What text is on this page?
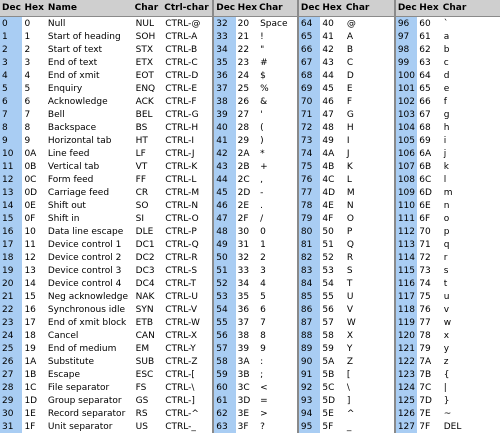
Dec	Hex	Name	Char	Ctrl-char	Dec	Hex	Char	Dec	Hex	Char	Dec	Hex	Char
0	0	Null	NUL	CTRL-@	32	20	Space	64	40	@	96	60	`
1	1	Start of heading	SOH	CTRL-A	33	21	!	65	41	A	97	61	a
2	2	Start of text	STX	CTRL-B	34	22	"	66	42	B	98	62	b
3	3	End of text	ETX	CTRL-C	35	23	#	67	43	C	99	63	c
4	4	End of xmit	EOT	CTRL-D	36	24	$	68	44	D	100	64	d
5	5	Enquiry	ENQ	CTRL-E	37	25	%	69	45	E	101	65	e
6	6	Acknowledge	ACK	CTRL-F	38	26	&	70	46	F	102	66	f
7	7	Bell	BEL	CTRL-G	39	27	'	71	47	G	103	67	g
8	8	Backspace	BS	CTRL-H	40	28	(	72	48	H	104	68	h
9	9	Horizontal tab	HT	CTRL-I	41	29	)	73	49	I	105	69	i
10	0A	Line feed	LF	CTRL-J	42	2A	*	74	4A	J	106	6A	j
11	0B	Vertical tab	VT	CTRL-K	43	2B	+	75	4B	K	107	6B	k
12	0C	Form feed	FF	CTRL-L	44	2C	,	76	4C	L	108	6C	l
13	0D	Carriage feed	CR	CTRL-M	45	2D	-	77	4D	M	109	6D	m
14	0E	Shift out	SO	CTRL-N	46	2E	.	78	4E	N	110	6E	n
15	0F	Shift in	SI	CTRL-O	47	2F	/	79	4F	O	111	6F	o
16	10	Data line escape	DLE	CTRL-P	48	30	0	80	50	P	112	70	p
17	11	Device control 1	DC1	CTRL-Q	49	31	1	81	51	Q	113	71	q
18	12	Device control 2	DC2	CTRL-R	50	32	2	82	52	R	114	72	r
19	13	Device control 3	DC3	CTRL-S	51	33	3	83	53	S	115	73	s
20	14	Device control 4	DC4	CTRL-T	52	34	4	84	54	T	116	74	t
21	15	Neg acknowledge	NAK	CTRL-U	53	35	5	85	55	U	117	75	u
22	16	Synchronous idle	SYN	CTRL-V	54	36	6	86	56	V	118	76	v
23	17	End of xmit block	ETB	CTRL-W	55	37	7	87	57	W	119	77	w
24	18	Cancel	CAN	CTRL-X	56	38	8	88	58	X	120	78	x
25	19	End of medium	EM	CTRL-Y	57	39	9	89	59	Y	121	79	y
26	1A	Substitute	SUB	CTRL-Z	58	3A	:	90	5A	Z	122	7A	z
27	1B	Escape	ESC	CTRL-[	59	3B	;	91	5B	[	123	7B	{
28	1C	File separator	FS	CTRL-\	60	3C	<	92	5C	\	124	7C	|
29	1D	Group separator	GS	CTRL-]	61	3D	=	93	5D	]	125	7D	}
30	1E	Record separator	RS	CTRL-^	62	3E	>	94	5E	^	126	7E	~
31	1F	Unit separator	US	CTRL-_	63	3F	?	95	5F	_	127	7F	DEL
